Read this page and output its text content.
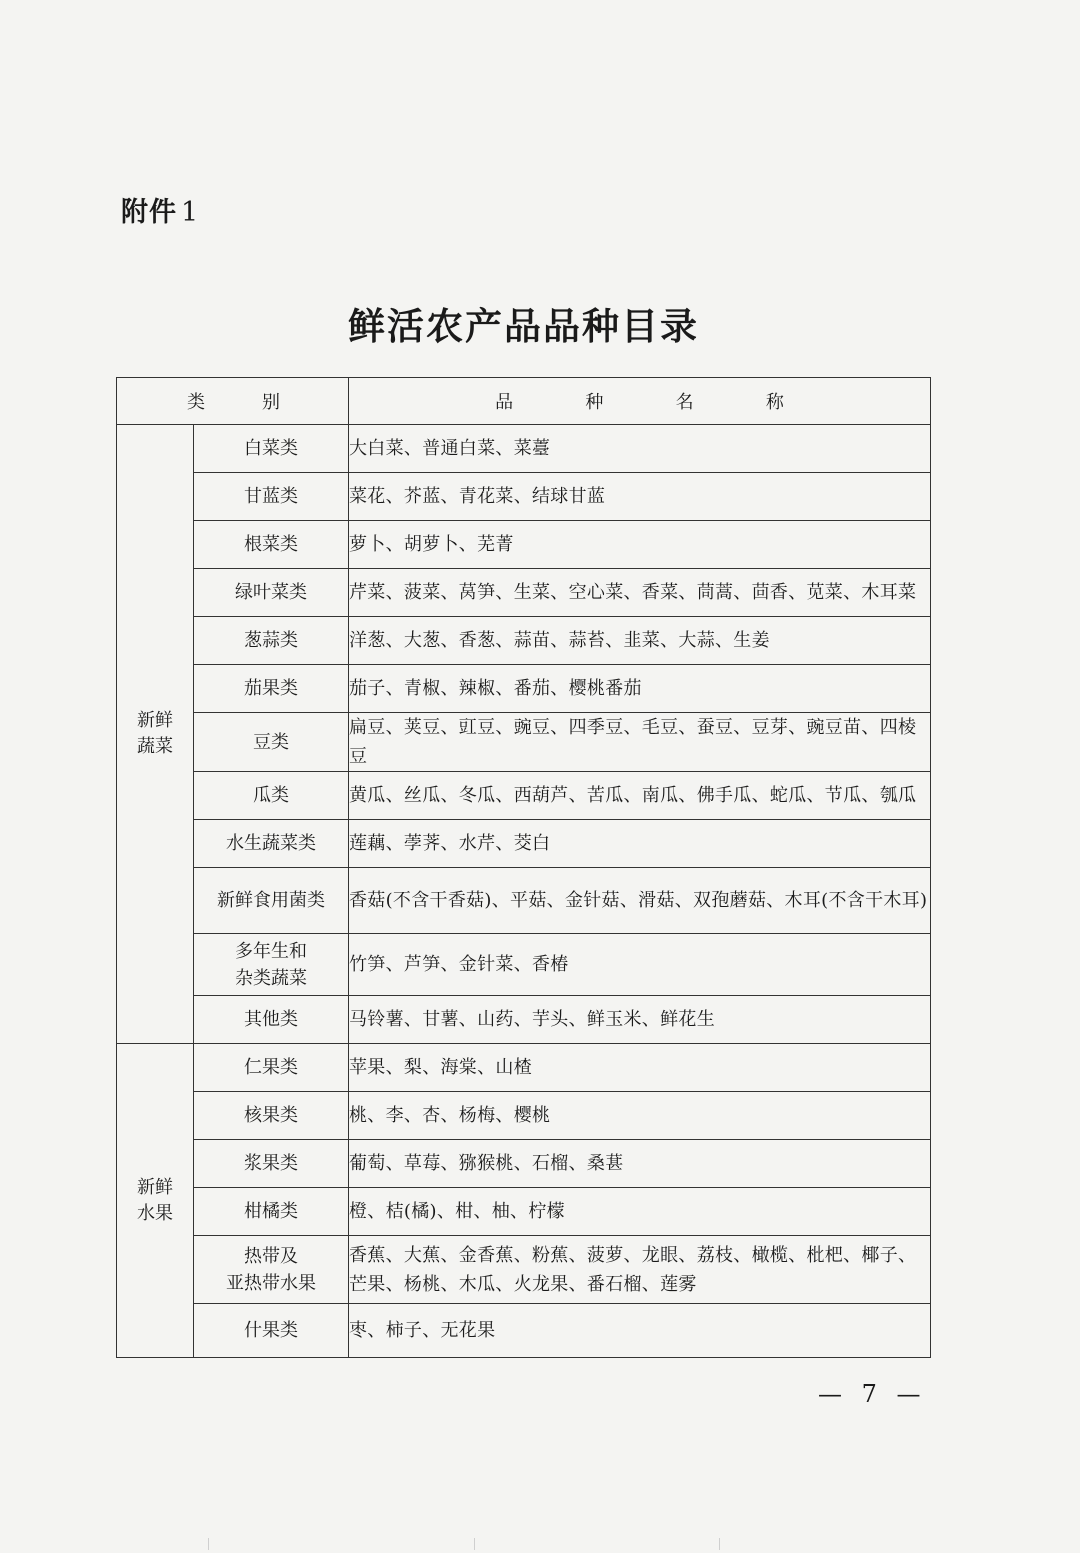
附件 1
鲜活农产品品种目录
类 别		品 种 名 称

新鲜
蔬菜	白菜类	大白菜、普通白菜、菜薹
	甘蓝类	菜花、芥蓝、青花菜、结球甘蓝
	根菜类	萝卜、胡萝卜、芜菁
	绿叶菜类	芹菜、菠菜、莴笋、生菜、空心菜、香菜、茼蒿、茴香、苋菜、木耳菜
	葱蒜类	洋葱、大葱、香葱、蒜苗、蒜苔、韭菜、大蒜、生姜
	茄果类	茄子、青椒、辣椒、番茄、樱桃番茄
	豆类	扁豆、荚豆、豇豆、豌豆、四季豆、毛豆、蚕豆、豆芽、豌豆苗、四棱豆
	瓜类	黄瓜、丝瓜、冬瓜、西葫芦、苦瓜、南瓜、佛手瓜、蛇瓜、节瓜、瓠瓜
	水生蔬菜类	莲藕、荸荠、水芹、茭白
	新鲜食用菌类	香菇(不含干香菇)、平菇、金针菇、滑菇、双孢蘑菇、木耳(不含干木耳)
	多年生和
杂类蔬菜	竹笋、芦笋、金针菜、香椿
	其他类	马铃薯、甘薯、山药、芋头、鲜玉米、鲜花生
新鲜
水果	仁果类	苹果、梨、海棠、山楂
	核果类	桃、李、杏、杨梅、樱桃
	浆果类	葡萄、草莓、猕猴桃、石榴、桑葚
	柑橘类	橙、桔(橘)、柑、柚、柠檬
	热带及
亚热带水果	香蕉、大蕉、金香蕉、粉蕉、菠萝、龙眼、荔枝、橄榄、枇杷、椰子、芒果、杨桃、木瓜、火龙果、番石榴、莲雾
	什果类	枣、柿子、无花果
— 7 —
